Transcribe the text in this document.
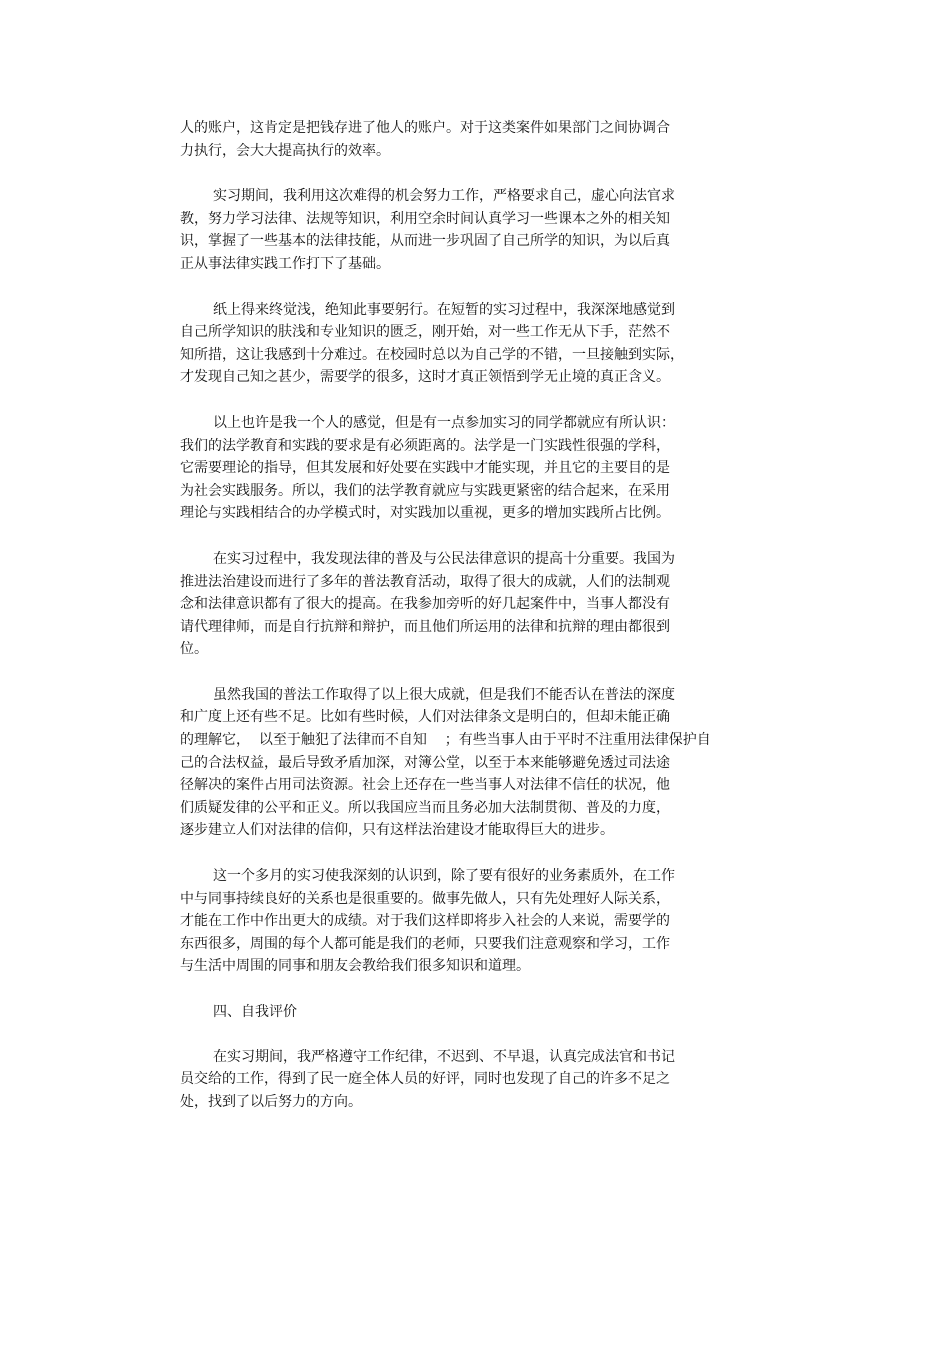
人的账户，这肯定是把钱存进了他人的账户。对于这类案件如果部门之间协调合
力执行，会大大提高执行的效率。
实习期间，我利用这次难得的机会努力工作，严格要求自己，虚心向法官求
教，努力学习法律、法规等知识，利用空余时间认真学习一些课本之外的相关知
识，掌握了一些基本的法律技能，从而进一步巩固了自己所学的知识，为以后真
正从事法律实践工作打下了基础。
纸上得来终觉浅，绝知此事要躬行。在短暂的实习过程中，我深深地感觉到
自己所学知识的肤浅和专业知识的匮乏，刚开始，对一些工作无从下手，茫然不
知所措，这让我感到十分难过。在校园时总以为自己学的不错，一旦接触到实际，
才发现自己知之甚少，需要学的很多，这时才真正领悟到学无止境的真正含义。
以上也许是我一个人的感觉，但是有一点参加实习的同学都就应有所认识：
我们的法学教育和实践的要求是有必须距离的。法学是一门实践性很强的学科，
它需要理论的指导，但其发展和好处要在实践中才能实现，并且它的主要目的是
为社会实践服务。所以，我们的法学教育就应与实践更紧密的结合起来，在采用
理论与实践相结合的办学模式时，对实践加以重视，更多的增加实践所占比例。
在实习过程中，我发现法律的普及与公民法律意识的提高十分重要。我国为
推进法治建设而进行了多年的普法教育活动，取得了很大的成就，人们的法制观
念和法律意识都有了很大的提高。在我参加旁听的好几起案件中，当事人都没有
请代理律师，而是自行抗辩和辩护，而且他们所运用的法律和抗辩的理由都很到
位。
虽然我国的普法工作取得了以上很大成就，但是我们不能否认在普法的深度
和广度上还有些不足。比如有些时候，人们对法律条文是明白的，但却未能正确
的理解它，  以至于触犯了法律而不自知    ；有些当事人由于平时不注重用法律保护自
己的合法权益，最后导致矛盾加深，对簿公堂，以至于本来能够避免透过司法途
径解决的案件占用司法资源。社会上还存在一些当事人对法律不信任的状况，他
们质疑发律的公平和正义。所以我国应当而且务必加大法制贯彻、普及的力度，
逐步建立人们对法律的信仰，只有这样法治建设才能取得巨大的进步。
这一个多月的实习使我深刻的认识到，除了要有很好的业务素质外，在工作
中与同事持续良好的关系也是很重要的。做事先做人，只有先处理好人际关系，
才能在工作中作出更大的成绩。对于我们这样即将步入社会的人来说，需要学的
东西很多，周围的每个人都可能是我们的老师，只要我们注意观察和学习，工作
与生活中周围的同事和朋友会教给我们很多知识和道理。
四、自我评价
在实习期间，我严格遵守工作纪律，不迟到、不早退，认真完成法官和书记
员交给的工作，得到了民一庭全体人员的好评，同时也发现了自己的许多不足之
处，找到了以后努力的方向。
